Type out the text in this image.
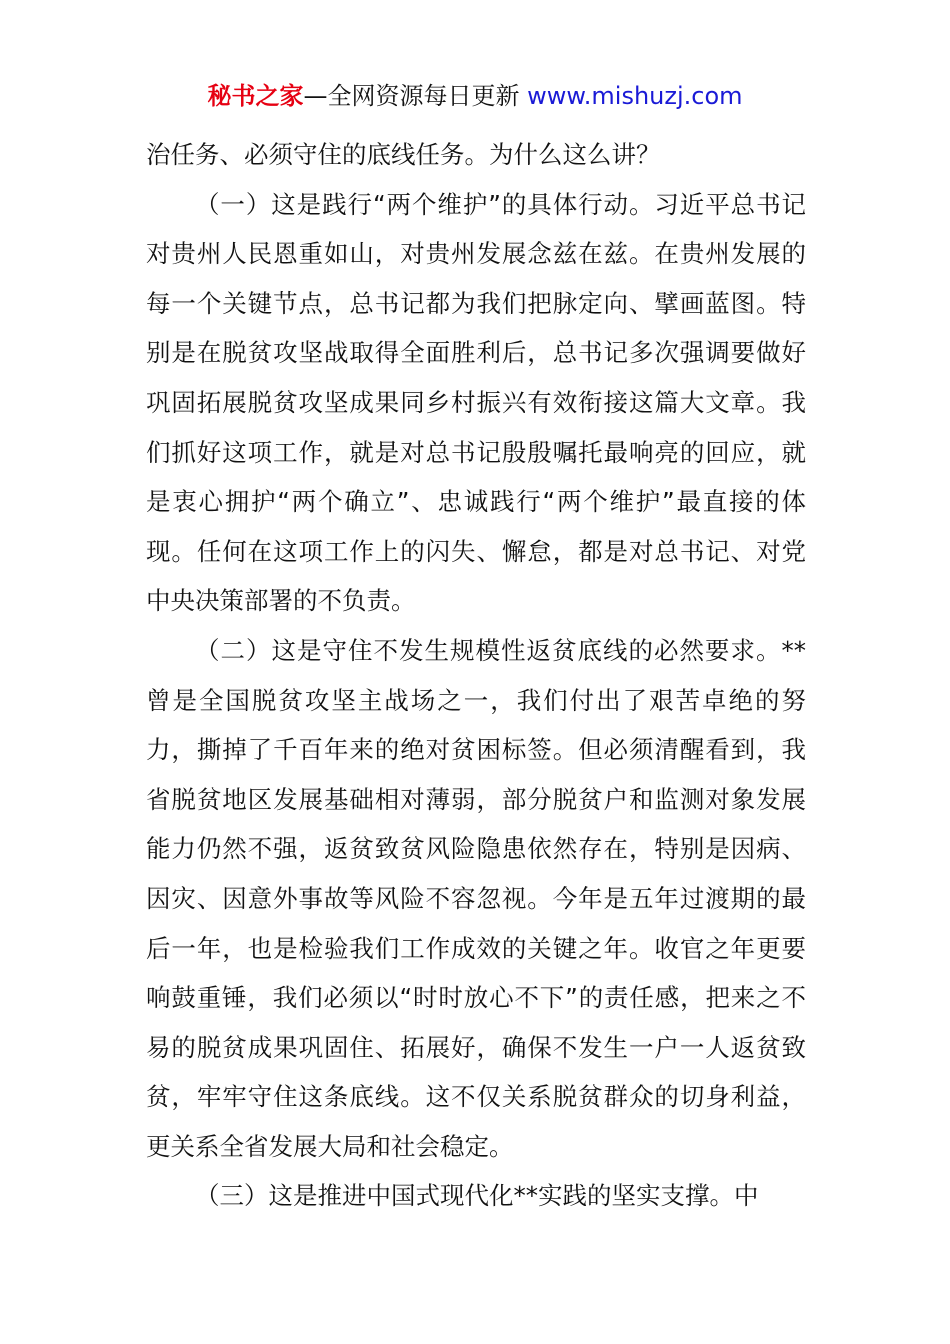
秘书之家—全网资源每日更新 www.mishuzj.com

治任务、必须守住的底线任务。为什么这么讲？

（一）这是践行“两个维护”的具体行动。习近平总书记对贵州人民恩重如山，对贵州发展念兹在兹。在贵州发展的每一个关键节点，总书记都为我们把脉定向、擘画蓝图。特别是在脱贫攻坚战取得全面胜利后，总书记多次强调要做好巩固拓展脱贫攻坚成果同乡村振兴有效衔接这篇大文章。我们抓好这项工作，就是对总书记殷殷嘱托最响亮的回应，就是衷心拥护“两个确立”、忠诚践行“两个维护”最直接的体现。任何在这项工作上的闪失、懈怠，都是对总书记、对党中央决策部署的不负责。

（二）这是守住不发生规模性返贫底线的必然要求。**曾是全国脱贫攻坚主战场之一，我们付出了艰苦卓绝的努力，撕掉了千百年来的绝对贫困标签。但必须清醒看到，我省脱贫地区发展基础相对薄弱，部分脱贫户和监测对象发展能力仍然不强，返贫致贫风险隐患依然存在，特别是因病、因灾、因意外事故等风险不容忽视。今年是五年过渡期的最后一年，也是检验我们工作成效的关键之年。收官之年更要响鼓重锤，我们必须以“时时放心不下”的责任感，把来之不易的脱贫成果巩固住、拓展好，确保不发生一户一人返贫致贫，牢牢守住这条底线。这不仅关系脱贫群众的切身利益，更关系全省发展大局和社会稳定。

（三）这是推进中国式现代化**实践的坚实支撑。中
